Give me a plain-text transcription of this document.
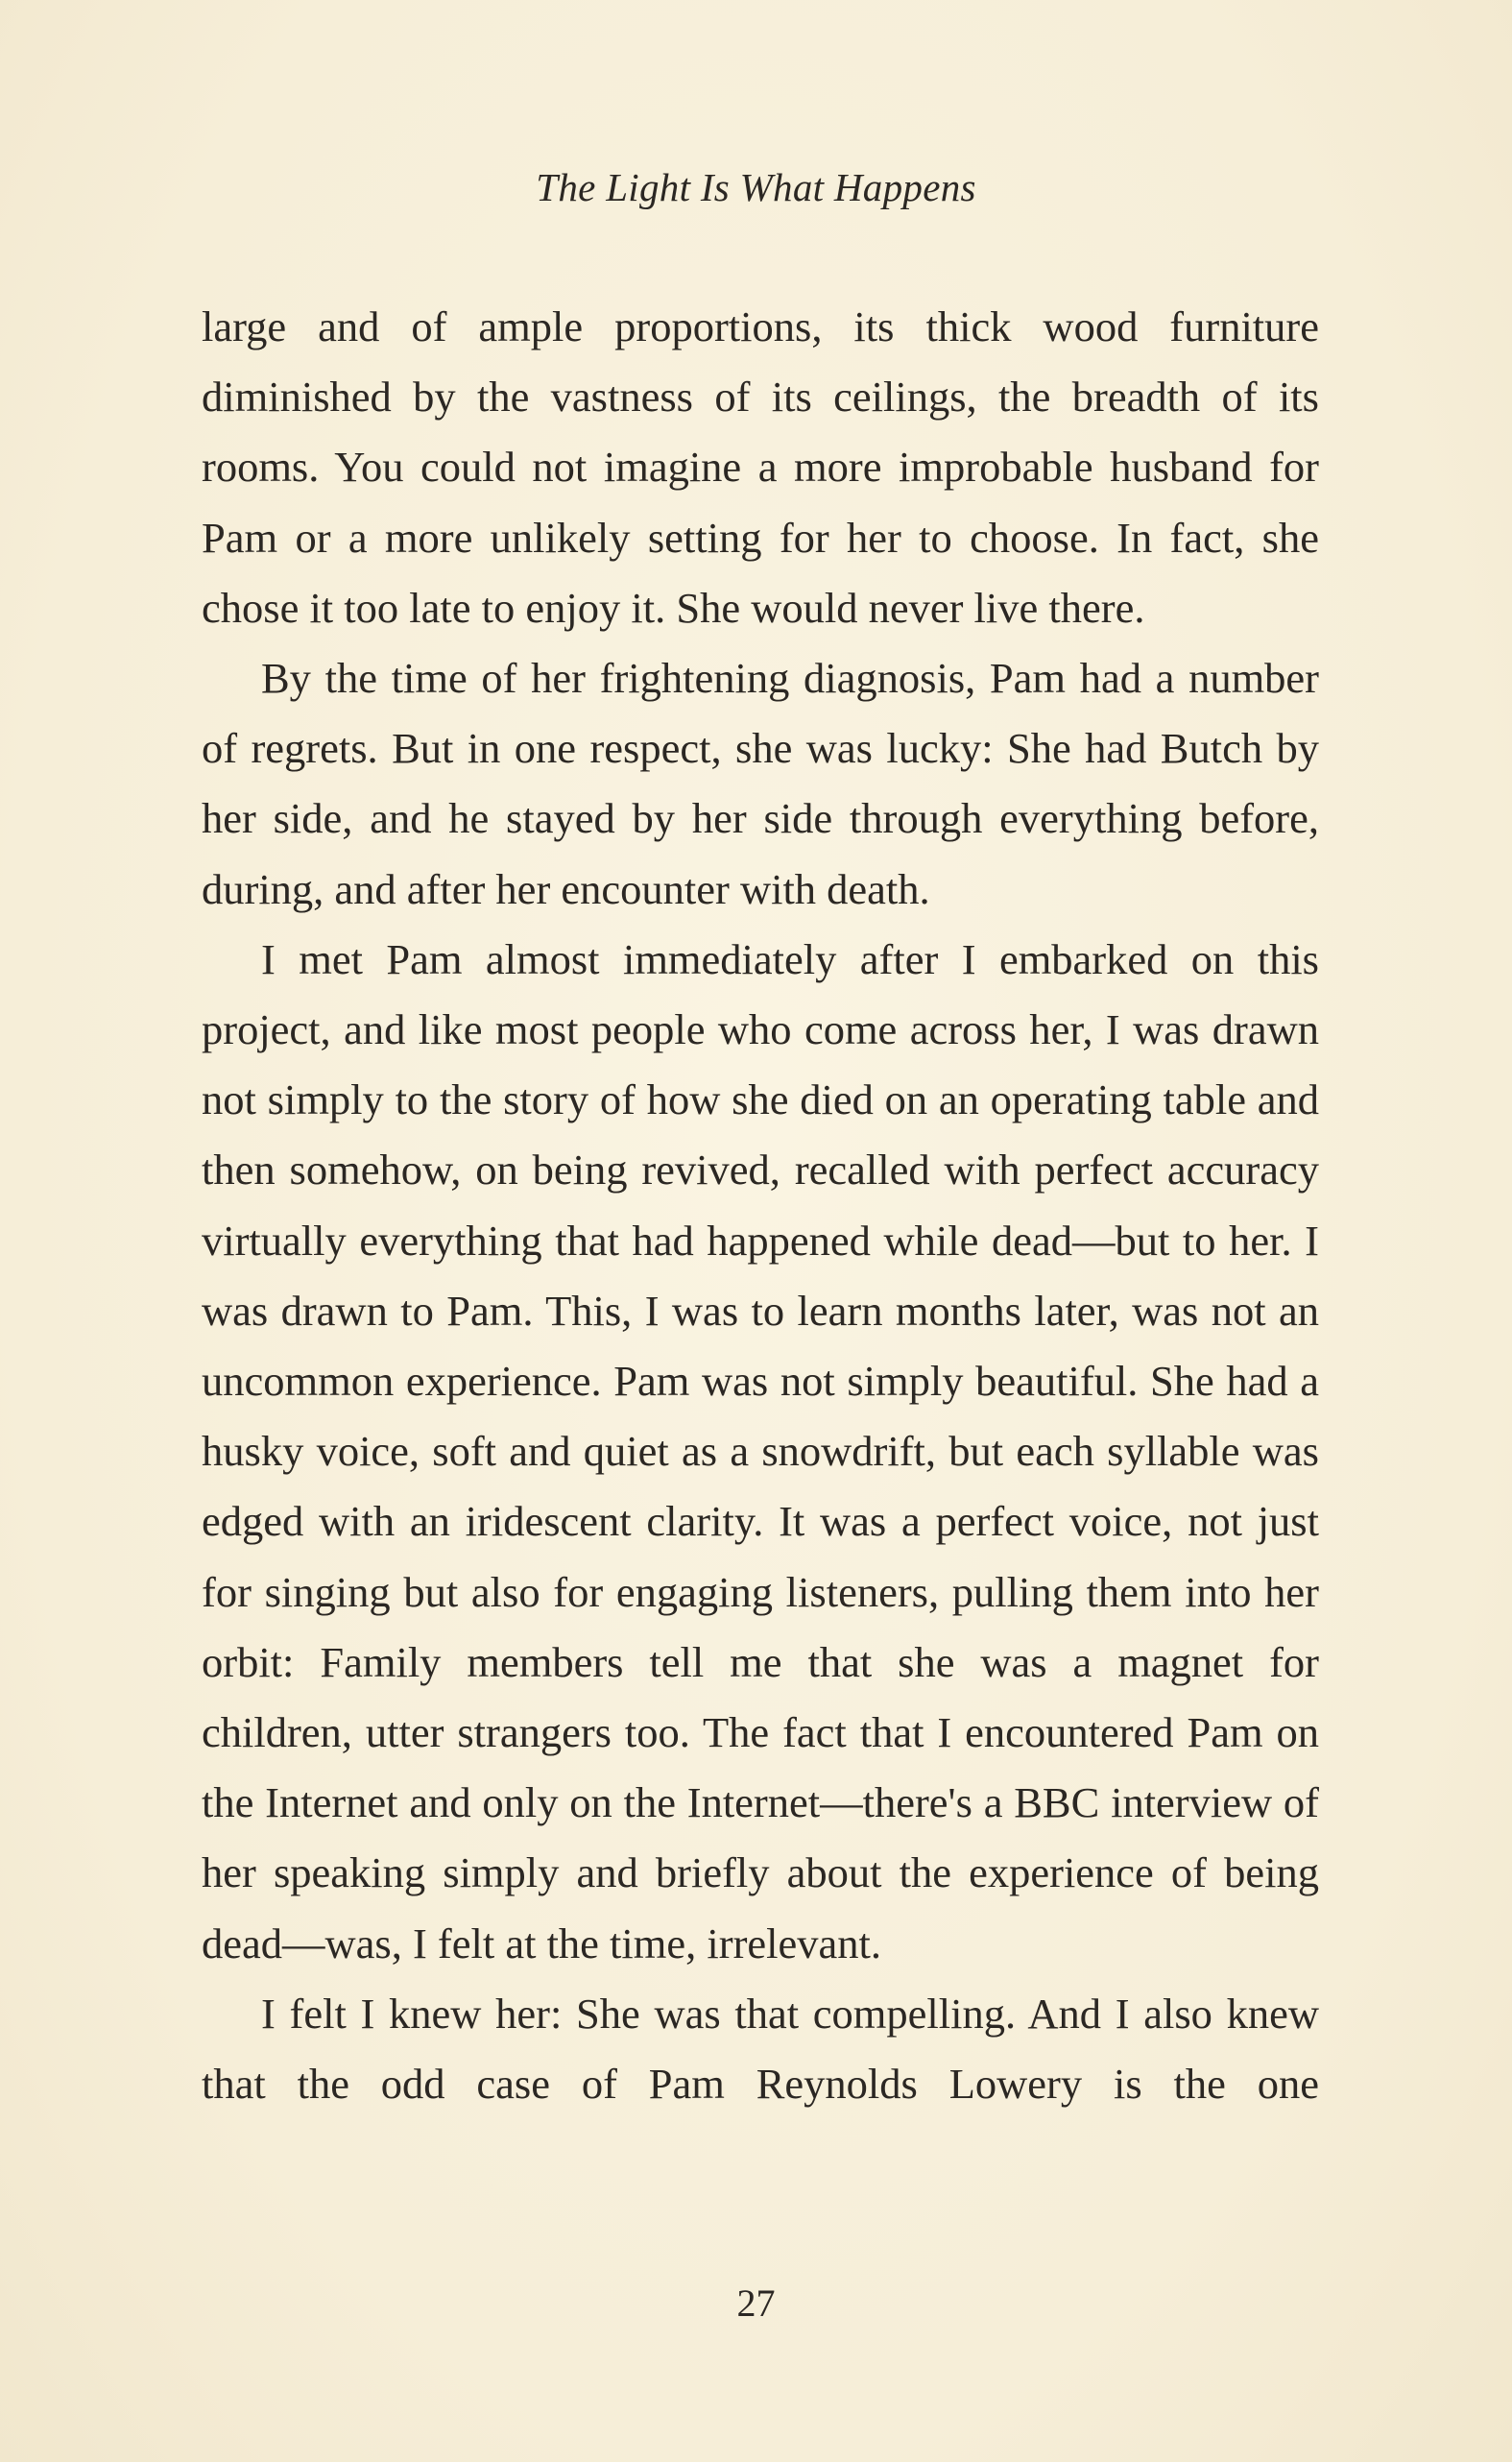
The Light Is What Happens

large and of ample proportions, its thick wood furniture diminished by the vastness of its ceilings, the breadth of its rooms. You could not imagine a more improbable husband for Pam or a more unlikely setting for her to choose. In fact, she chose it too late to enjoy it. She would never live there.

By the time of her frightening diagnosis, Pam had a number of regrets. But in one respect, she was lucky: She had Butch by her side, and he stayed by her side through everything before, during, and after her encounter with death.

I met Pam almost immediately after I embarked on this project, and like most people who come across her, I was drawn not simply to the story of how she died on an operating table and then somehow, on being revived, recalled with perfect accuracy virtually everything that had happened while dead—but to her. I was drawn to Pam. This, I was to learn months later, was not an uncommon experience. Pam was not simply beautiful. She had a husky voice, soft and quiet as a snowdrift, but each syllable was edged with an iridescent clarity. It was a perfect voice, not just for singing but also for engaging listeners, pulling them into her orbit: Family members tell me that she was a magnet for children, utter strangers too. The fact that I encountered Pam on the Internet and only on the Internet—there's a BBC interview of her speaking simply and briefly about the experience of being dead—was, I felt at the time, irrelevant.

I felt I knew her: She was that compelling. And I also knew that the odd case of Pam Reynolds Lowery is the one

27
